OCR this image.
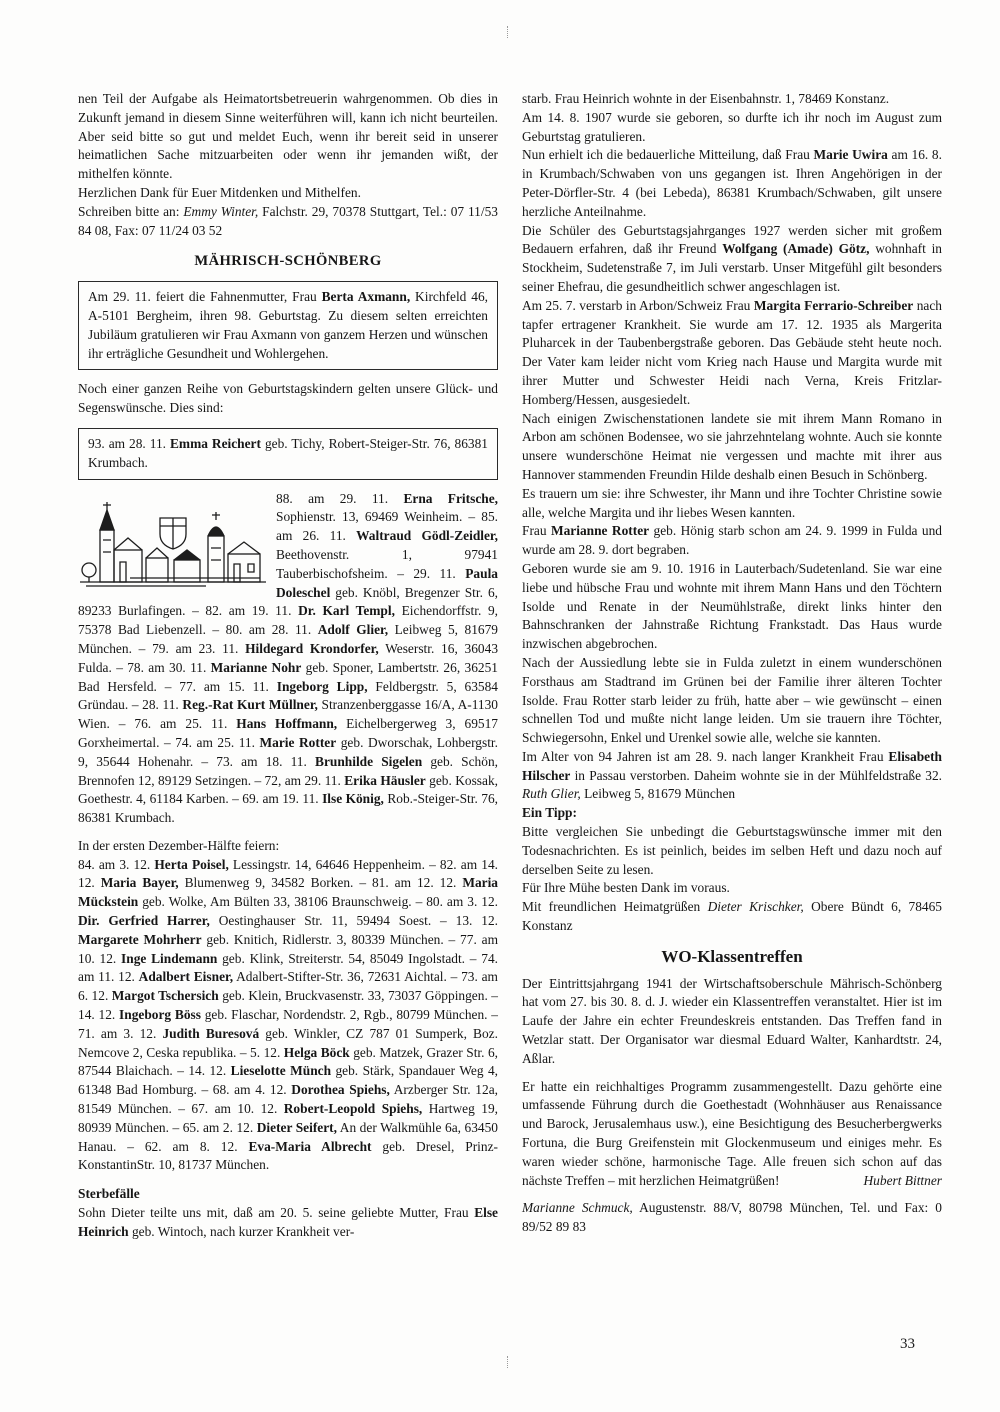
nen Teil der Aufgabe als Heimatortsbetreuerin wahrgenommen. Ob dies in Zukunft jemand in diesem Sinne weiterführen will, kann ich nicht beurteilen. Aber seid bitte so gut und meldet Euch, wenn ihr bereit seid in unserer heimatlichen Sache mitzuarbeiten oder wenn ihr jemanden wißt, der mithelfen könnte.

Herzlichen Dank für Euer Mitdenken und Mithelfen.

Schreiben bitte an: Emmy Winter, Falchstr. 29, 70378 Stuttgart, Tel.: 07 11/53 84 08, Fax: 07 11/24 03 52

MÄHRISCH-SCHÖNBERG

Am 29. 11. feiert die Fahnenmutter, Frau Berta Axmann, Kirchfeld 46, A-5101 Bergheim, ihren 98. Geburtstag. Zu diesem selten erreichten Jubiläum gratulieren wir Frau Axmann von ganzem Herzen und wünschen ihr erträgliche Gesundheit und Wohlergehen.

Noch einer ganzen Reihe von Geburtstagskindern gelten unsere Glück- und Segenswünsche. Dies sind:

93. am 28. 11. Emma Reichert geb. Tichy, Robert-Steiger-Str. 76, 86381 Krumbach.

88. am 29. 11. Erna Fritsche, Sophienstr. 13, 69469 Weinheim. – 85. am 26. 11. Waltraud Gödl-Zeidler, Beethovenstr. 1, 97941 Tauberbischofsheim. – 29. 11. Paula Doleschel geb. Knöbl, Bregenzer Str. 6, 89233 Burlafingen. – 82. am 19. 11. Dr. Karl Templ, Eichendorffstr. 9, 75378 Bad Liebenzell. – 80. am 28. 11. Adolf Glier, Leibweg 5, 81679 München. – 79. am 23. 11. Hildegard Krondorfer, Weserstr. 16, 36043 Fulda. – 78. am 30. 11. Marianne Nohr geb. Sponer, Lambertstr. 26, 36251 Bad Hersfeld. – 77. am 15. 11. Ingeborg Lipp, Feldbergstr. 5, 63584 Gründau. – 28. 11. Reg.-Rat Kurt Müllner, Stranzenberggasse 16/A, A-1130 Wien. – 76. am 25. 11. Hans Hoffmann, Eichelbergerweg 3, 69517 Gorxheimertal. – 74. am 25. 11. Marie Rotter geb. Dworschak, Lohbergstr. 9, 35644 Hohenahr. – 73. am 18. 11. Brunhilde Sigelen geb. Schön, Brennofen 12, 89129 Setzingen. – 72, am 29. 11. Erika Häusler geb. Kossak, Goethestr. 4, 61184 Karben. – 69. am 19. 11. Ilse König, Rob.-Steiger-Str. 76, 86381 Krumbach.

In der ersten Dezember-Hälfte feiern:

84. am 3. 12. Herta Poisel, Lessingstr. 14, 64646 Heppenheim. – 82. am 14. 12. Maria Bayer, Blumenweg 9, 34582 Borken. – 81. am 12. 12. Maria Mückstein geb. Wolke, Am Bülten 33, 38106 Braunschweig. – 80. am 3. 12. Dir. Gerfried Harrer, Oestinghauser Str. 11, 59494 Soest. – 13. 12. Margarete Mohrherr geb. Knitich, Ridlerstr. 3, 80339 München. – 77. am 10. 12. Inge Lindemann geb. Klink, Streiterstr. 54, 85049 Ingolstadt. – 74. am 11. 12. Adalbert Eisner, Adalbert-Stifter-Str. 36, 72631 Aichtal. – 73. am 6. 12. Margot Tschersich geb. Klein, Bruckvasenstr. 33, 73037 Göppingen. – 14. 12. Ingeborg Böss geb. Flaschar, Nordendstr. 2, Rgb., 80799 München. – 71. am 3. 12. Judith Buresová geb. Winkler, CZ 787 01 Sumperk, Boz. Nemcove 2, Ceska republika. – 5. 12. Helga Böck geb. Matzek, Grazer Str. 6, 87544 Blaichach. – 14. 12. Lieselotte Münch geb. Stärk, Spandauer Weg 4, 61348 Bad Homburg. – 68. am 4. 12. Dorothea Spiehs, Arzberger Str. 12a, 81549 München. – 67. am 10. 12. Robert-Leopold Spiehs, Hartweg 19, 80939 München. – 65. am 2. 12. Dieter Seifert, An der Walkmühle 6a, 63450 Hanau. – 62. am 8. 12. Eva-Maria Albrecht geb. Dresel, Prinz-KonstantinStr. 10, 81737 München.

Sterbefälle

Sohn Dieter teilte uns mit, daß am 20. 5. seine geliebte Mutter, Frau Else Heinrich geb. Wintoch, nach kurzer Krankheit ver-

starb. Frau Heinrich wohnte in der Eisenbahnstr. 1, 78469 Konstanz.

Am 14. 8. 1907 wurde sie geboren, so durfte ich ihr noch im August zum Geburtstag gratulieren.

Nun erhielt ich die bedauerliche Mitteilung, daß Frau Marie Uwira am 16. 8. in Krumbach/Schwaben von uns gegangen ist. Ihren Angehörigen in der Peter-Dörfler-Str. 4 (bei Lebeda), 86381 Krumbach/Schwaben, gilt unsere herzliche Anteilnahme.

Die Schüler des Geburtstagsjahrganges 1927 werden sicher mit großem Bedauern erfahren, daß ihr Freund Wolfgang (Amade) Götz, wohnhaft in Stockheim, Sudetenstraße 7, im Juli verstarb. Unser Mitgefühl gilt besonders seiner Ehefrau, die gesundheitlich schwer angeschlagen ist.

Am 25. 7. verstarb in Arbon/Schweiz Frau Margita Ferrario-Schreiber nach tapfer ertragener Krankheit. Sie wurde am 17. 12. 1935 als Margerita Pluharcek in der Taubenbergstraße geboren. Das Gebäude steht heute noch. Der Vater kam leider nicht vom Krieg nach Hause und Margita wurde mit ihrer Mutter und Schwester Heidi nach Verna, Kreis Fritzlar-Homberg/Hessen, ausgesiedelt.

Nach einigen Zwischenstationen landete sie mit ihrem Mann Romano in Arbon am schönen Bodensee, wo sie jahrzehntelang wohnte. Auch sie konnte unsere wunderschöne Heimat nie vergessen und machte mit ihrer aus Hannover stammenden Freundin Hilde deshalb einen Besuch in Schönberg.

Es trauern um sie: ihre Schwester, ihr Mann und ihre Tochter Christine sowie alle, welche Margita und ihr liebes Wesen kannten.

Frau Marianne Rotter geb. Hönig starb schon am 24. 9. 1999 in Fulda und wurde am 28. 9. dort begraben.

Geboren wurde sie am 9. 10. 1916 in Lauterbach/Sudetenland. Sie war eine liebe und hübsche Frau und wohnte mit ihrem Mann Hans und den Töchtern Isolde und Renate in der Neumühlstraße, direkt links hinter den Bahnschranken der Jahnstraße Richtung Frankstadt. Das Haus wurde inzwischen abgebrochen.

Nach der Aussiedlung lebte sie in Fulda zuletzt in einem wunderschönen Forsthaus am Stadtrand im Grünen bei der Familie ihrer älteren Tochter Isolde. Frau Rotter starb leider zu früh, hatte aber – wie gewünscht – einen schnellen Tod und mußte nicht lange leiden. Um sie trauern ihre Töchter, Schwiegersohn, Enkel und Urenkel sowie alle, welche sie kannten.

Im Alter von 94 Jahren ist am 28. 9. nach langer Krankheit Frau Elisabeth Hilscher in Passau verstorben. Daheim wohnte sie in der Mühlfeldstraße 32. Ruth Glier, Leibweg 5, 81679 München

Ein Tipp:

Bitte vergleichen Sie unbedingt die Geburtstagswünsche immer mit den Todesnachrichten. Es ist peinlich, beides im selben Heft und dazu noch auf derselben Seite zu lesen.

Für Ihre Mühe besten Dank im voraus.

Mit freundlichen Heimatgrüßen Dieter Krischker, Obere Bündt 6, 78465 Konstanz

WO-Klassentreffen

Der Eintrittsjahrgang 1941 der Wirtschaftsoberschule Mährisch-Schönberg hat vom 27. bis 30. 8. d. J. wieder ein Klassentreffen veranstaltet. Hier ist im Laufe der Jahre ein echter Freundeskreis entstanden. Das Treffen fand in Wetzlar statt. Der Organisator war diesmal Eduard Walter, Kanhardtstr. 24, Aßlar.

Er hatte ein reichhaltiges Programm zusammengestellt. Dazu gehörte eine umfassende Führung durch die Goethestadt (Wohnhäuser aus Renaissance und Barock, Jerusalemhaus usw.), eine Besichtigung des Besucherbergwerks Fortuna, die Burg Greifenstein mit Glockenmuseum und einiges mehr. Es waren wieder schöne, harmonische Tage. Alle freuen sich schon auf das nächste Treffen – mit herzlichen Heimatgrüßen!	Hubert Bittner

Marianne Schmuck, Augustenstr. 88/V, 80798 München, Tel. und Fax: 0 89/52 89 83

33
